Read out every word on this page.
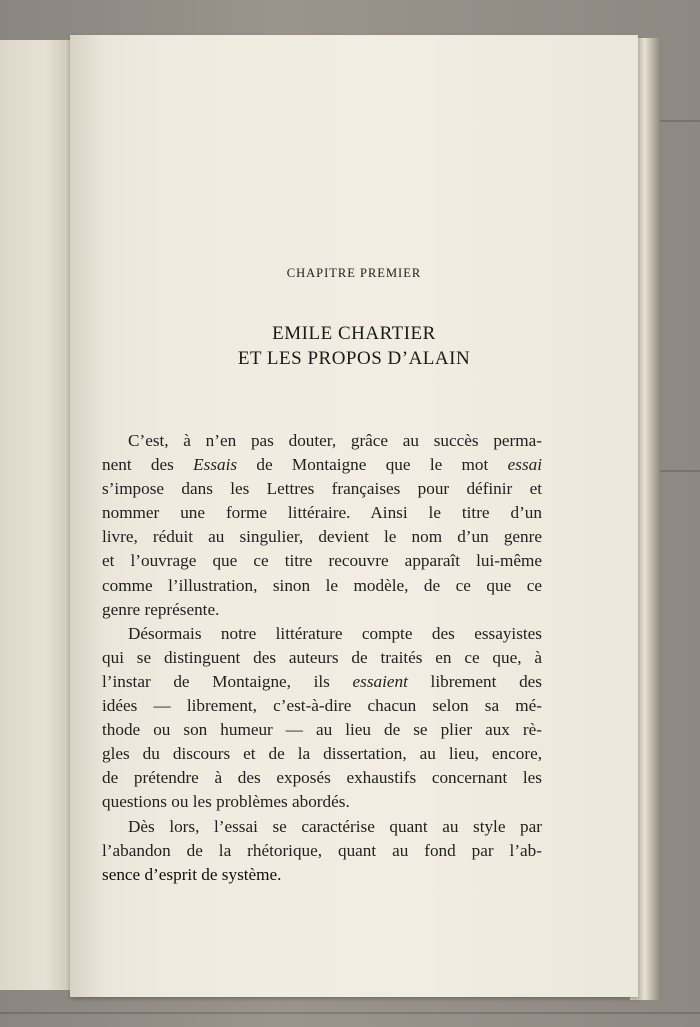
CHAPITRE PREMIER
EMILE CHARTIER
ET LES PROPOS D’ALAIN
C’est, à n’en pas douter, grâce au succès perma-
nent des Essais de Montaigne que le mot essai
s’impose dans les Lettres françaises pour définir et
nommer une forme littéraire. Ainsi le titre d’un
livre, réduit au singulier, devient le nom d’un genre
et l’ouvrage que ce titre recouvre apparaît lui-même
comme l’illustration, sinon le modèle, de ce que ce
genre représente.
Désormais notre littérature compte des essayistes
qui se distinguent des auteurs de traités en ce que, à
l’instar de Montaigne, ils essaient librement des
idées — librement, c’est-à-dire chacun selon sa mé-
thode ou son humeur — au lieu de se plier aux rè-
gles du discours et de la dissertation, au lieu, encore,
de prétendre à des exposés exhaustifs concernant les
questions ou les problèmes abordés.
Dès lors, l’essai se caractérise quant au style par
l’abandon de la rhétorique, quant au fond par l’ab-
sence d’esprit de système.
